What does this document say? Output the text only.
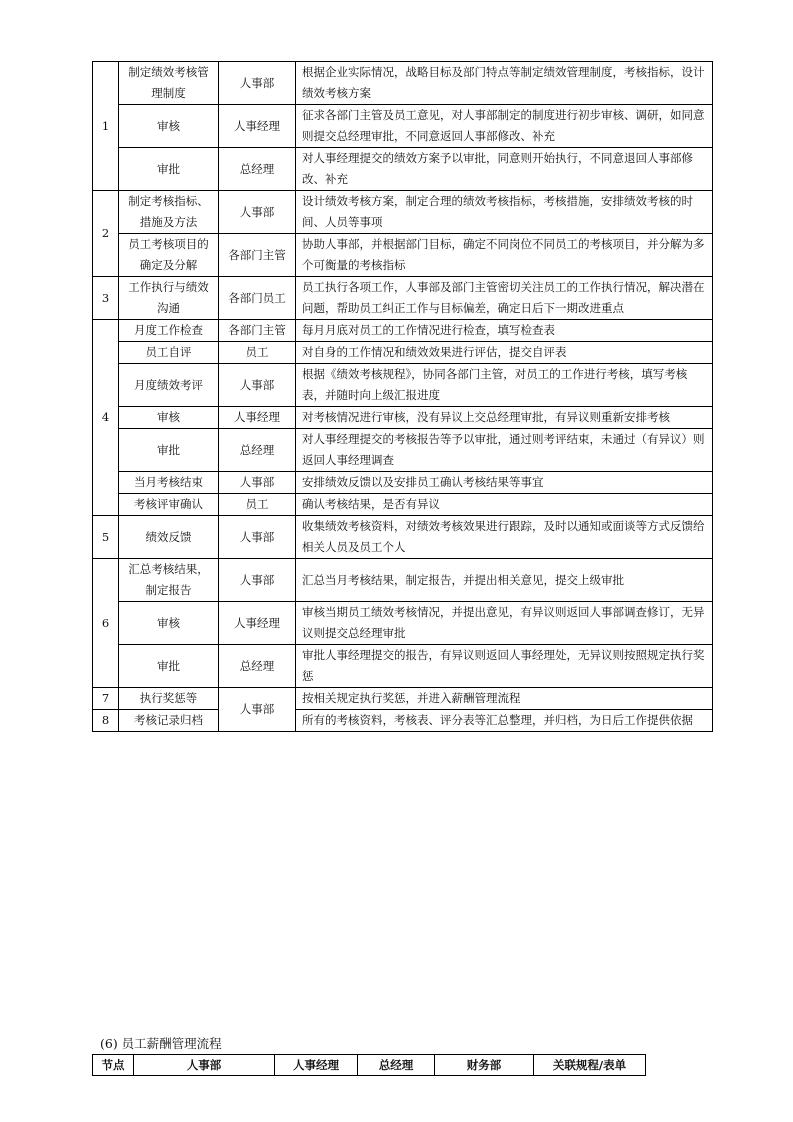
1	制定绩效考核管理制度	人事部	根据企业实际情况，战略目标及部门特点等制定绩效管理制度，考核指标，设计绩效考核方案
	审核	人事经理	征求各部门主管及员工意见，对人事部制定的制度进行初步审核、调研，如同意则提交总经理审批，不同意返回人事部修改、补充
	审批	总经理	对人事经理提交的绩效方案予以审批，同意则开始执行，不同意退回人事部修改、补充
2	制定考核指标、措施及方法	人事部	设计绩效考核方案，制定合理的绩效考核指标，考核措施，安排绩效考核的时间、人员等事项
	员工考核项目的确定及分解	各部门主管	协助人事部，并根据部门目标，确定不同岗位不同员工的考核项目，并分解为多个可衡量的考核指标
3	工作执行与绩效沟通	各部门员工	员工执行各项工作，人事部及部门主管密切关注员工的工作执行情况，解决潜在问题，帮助员工纠正工作与目标偏差，确定日后下一期改进重点
4	月度工作检查	各部门主管	每月月底对员工的工作情况进行检查，填写检查表
	员工自评	员工	对自身的工作情况和绩效效果进行评估，提交自评表
	月度绩效考评	人事部	根据《绩效考核规程》，协同各部门主管，对员工的工作进行考核，填写考核表，并随时向上级汇报进度
	审核	人事经理	对考核情况进行审核，没有异议上交总经理审批，有异议则重新安排考核
	审批	总经理	对人事经理提交的考核报告等予以审批，通过则考评结束，未通过（有异议）则返回人事经理调查
	当月考核结束	人事部	安排绩效反馈以及安排员工确认考核结果等事宜
	考核评审确认	员工	确认考核结果，是否有异议
5	绩效反馈	人事部	收集绩效考核资料，对绩效考核效果进行跟踪，及时以通知或面谈等方式反馈给相关人员及员工个人
6	汇总考核结果，制定报告	人事部	汇总当月考核结果，制定报告，并提出相关意见，提交上级审批
	审核	人事经理	审核当期员工绩效考核情况，并提出意见，有异议则返回人事部调查修订，无异议则提交总经理审批
	审批	总经理	审批人事经理提交的报告，有异议则返回人事经理处，无异议则按照规定执行奖惩
7	执行奖惩等	人事部	按相关规定执行奖惩，并进入薪酬管理流程
8	考核记录归档		所有的考核资料，考核表、评分表等汇总整理，并归档，为日后工作提供依据
(6) 员工薪酬管理流程
节点	人事部	人事经理	总经理	财务部	关联规程/表单
